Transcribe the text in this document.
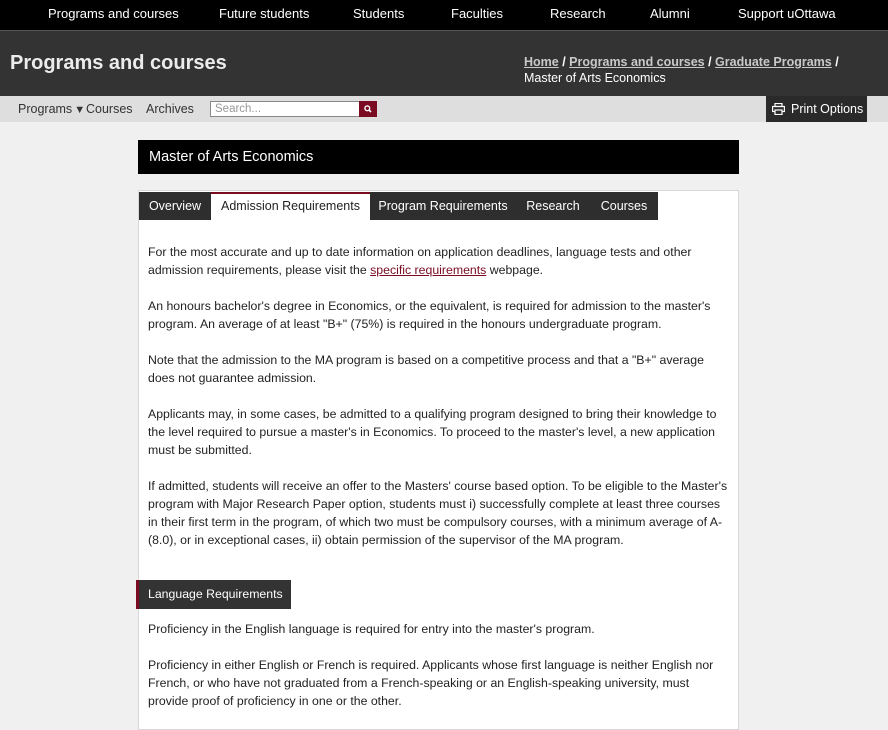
Programs and courses	Future students	Students	Faculties	Research	Alumni	Support uOttawa
Programs and courses	Home / Programs and courses / Graduate Programs /
Master of Arts Economics
Programs ▼ Courses Archives
Search...	Print Options
Master of Arts Economics
Overview	Admission Requirements	Program Requirements	Research	Courses
For the most accurate and up to date information on application deadlines, language tests and other admission requirements, please visit the specific requirements webpage.
An honours bachelor's degree in Economics, or the equivalent, is required for admission to the master's program. An average of at least "B+" (75%) is required in the honours undergraduate program.
Note that the admission to the MA program is based on a competitive process and that a "B+" average does not guarantee admission.
Applicants may, in some cases, be admitted to a qualifying program designed to bring their knowledge to the level required to pursue a master's in Economics. To proceed to the master's level, a new application must be submitted.
If admitted, students will receive an offer to the Masters' course based option. To be eligible to the Master's program with Major Research Paper option, students must i) successfully complete at least three courses in their first term in the program, of which two must be compulsory courses, with a minimum average of A- (8.0), or in exceptional cases, ii) obtain permission of the supervisor of the MA program.
Language Requirements
Proficiency in the English language is required for entry into the master's program.
Proficiency in either English or French is required. Applicants whose first language is neither English nor French, or who have not graduated from a French-speaking or an English-speaking university, must provide proof of proficiency in one or the other.
